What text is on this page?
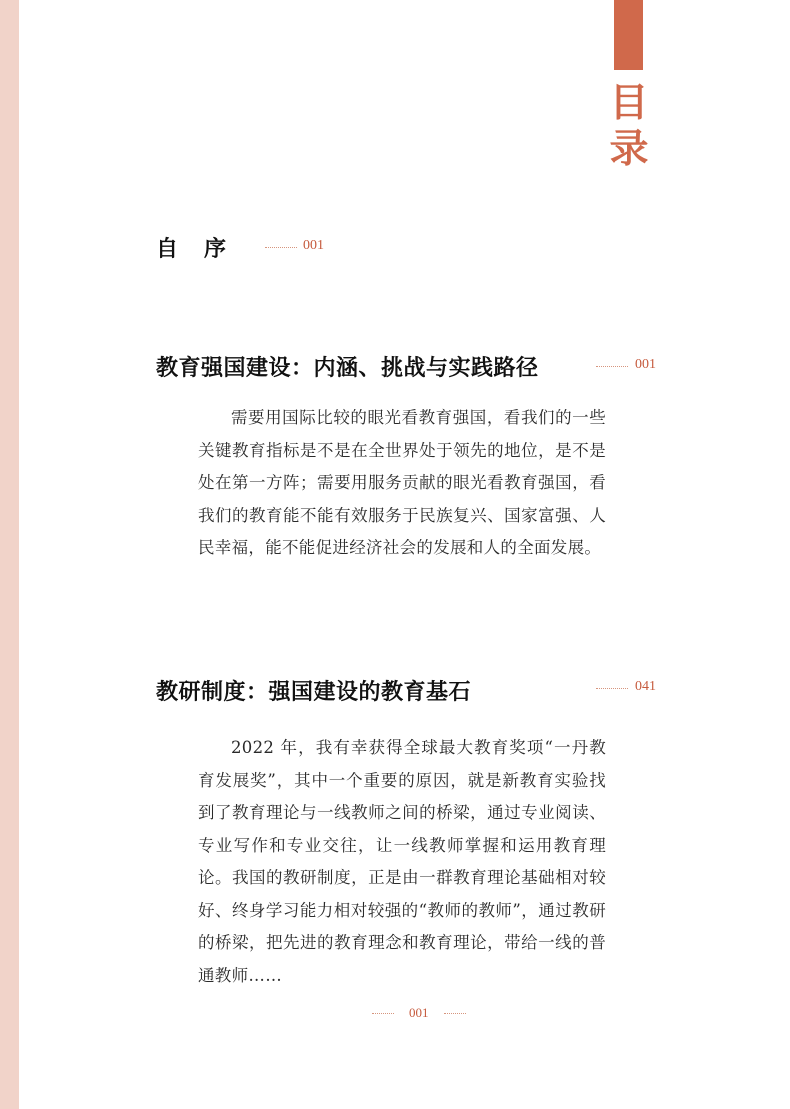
目录
自序	001
教育强国建设：内涵、挑战与实践路径	001
需要用国际比较的眼光看教育强国，看我们的一些关键教育指标是不是在全世界处于领先的地位，是不是处在第一方阵；需要用服务贡献的眼光看教育强国，看我们的教育能不能有效服务于民族复兴、国家富强、人民幸福，能不能促进经济社会的发展和人的全面发展。
教研制度：强国建设的教育基石	041
2022 年，我有幸获得全球最大教育奖项“一丹教育发展奖”，其中一个重要的原因，就是新教育实验找到了教育理论与一线教师之间的桥梁，通过专业阅读、专业写作和专业交往，让一线教师掌握和运用教育理论。我国的教研制度，正是由一群教育理论基础相对较好、终身学习能力相对较强的“教师的教师”，通过教研的桥梁，把先进的教育理念和教育理论，带给一线的普通教师……
001
